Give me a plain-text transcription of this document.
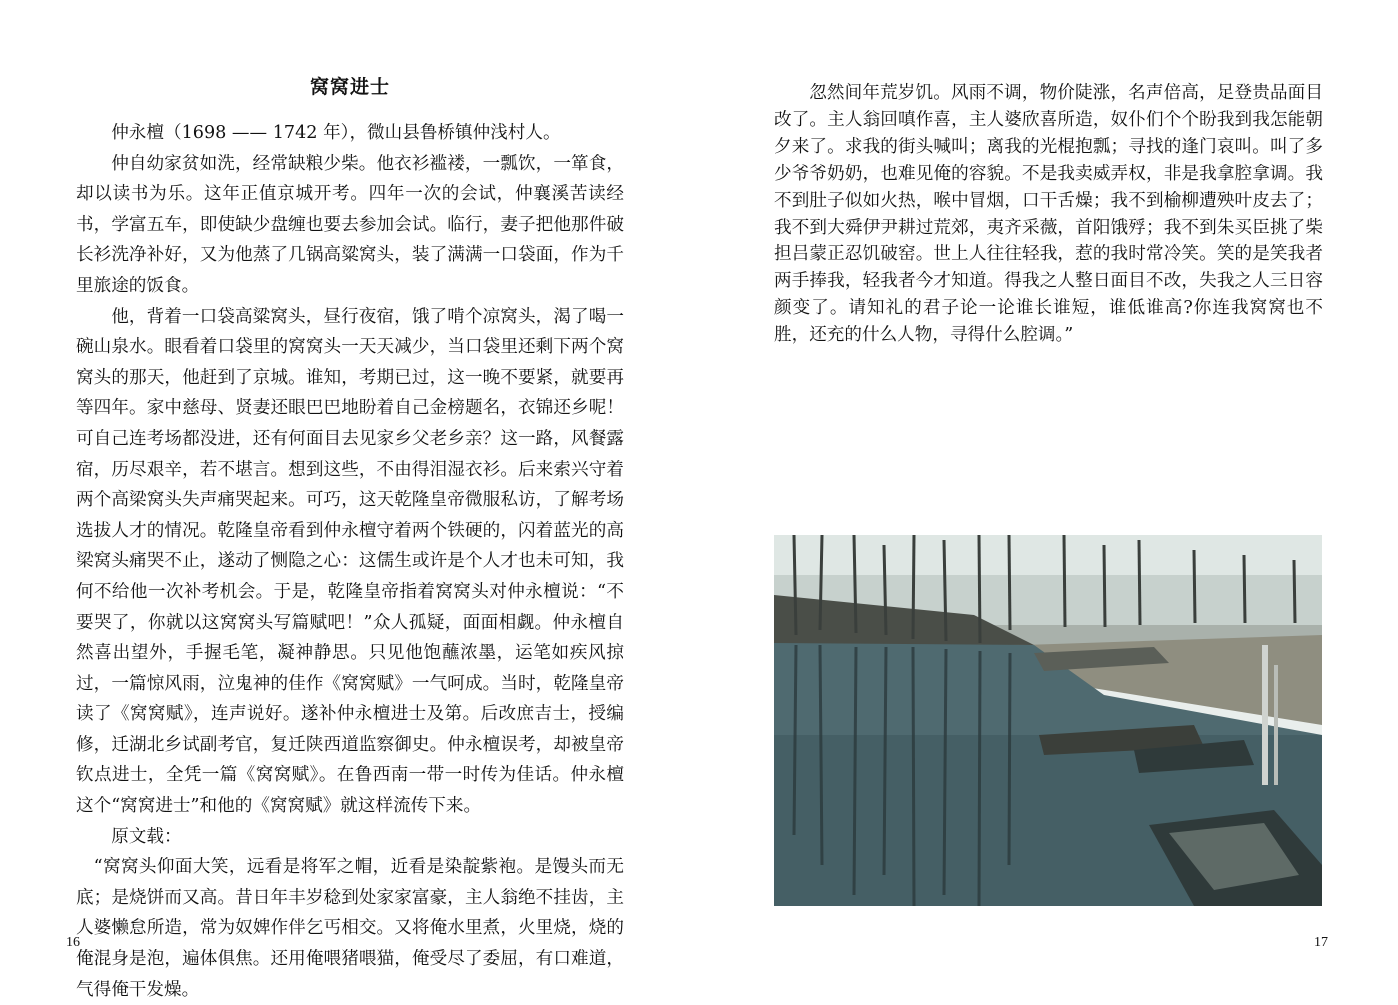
窝窝进士

仲永檀（1698 —— 1742 年），微山县鲁桥镇仲浅村人。

仲自幼家贫如洗，经常缺粮少柴。他衣衫褴褛，一瓢饮，一箪食，却以读书为乐。这年正值京城开考。四年一次的会试，仲襄溪苦读经书，学富五车，即使缺少盘缠也要去参加会试。临行，妻子把他那件破长衫洗净补好，又为他蒸了几锅高粱窝头，装了满满一口袋面，作为千里旅途的饭食。

他，背着一口袋高粱窝头，昼行夜宿，饿了啃个凉窝头，渴了喝一碗山泉水。眼看着口袋里的窝窝头一天天减少，当口袋里还剩下两个窝窝头的那天，他赶到了京城。谁知，考期已过，这一晚不要紧，就要再等四年。家中慈母、贤妻还眼巴巴地盼着自己金榜题名，衣锦还乡呢！可自己连考场都没进，还有何面目去见家乡父老乡亲？这一路，风餐露宿，历尽艰辛，若不堪言。想到这些，不由得泪湿衣衫。后来索兴守着两个高梁窝头失声痛哭起来。可巧，这天乾隆皇帝微服私访，了解考场选拔人才的情况。乾隆皇帝看到仲永檀守着两个铁硬的，闪着蓝光的高梁窝头痛哭不止，遂动了恻隐之心：这儒生或许是个人才也未可知，我何不给他一次补考机会。于是，乾隆皇帝指着窝窝头对仲永檀说：“不要哭了，你就以这窝窝头写篇赋吧！”众人孤疑，面面相觑。仲永檀自然喜出望外，手握毛笔，凝神静思。只见他饱蘸浓墨，运笔如疾风掠过，一篇惊风雨，泣鬼神的佳作《窝窝赋》一气呵成。当时，乾隆皇帝读了《窝窝赋》，连声说好。遂补仲永檀进士及第。后改庶吉士，授编修，迁湖北乡试副考官，复迁陕西道监察御史。仲永檀误考，却被皇帝钦点进士，全凭一篇《窝窝赋》。在鲁西南一带一时传为佳话。仲永檀这个“窝窝进士”和他的《窝窝赋》就这样流传下来。

原文载：

“窝窝头仰面大笑，远看是将军之帽，近看是染靛紫袍。是馒头而无底；是烧饼而又高。昔日年丰岁稔到处家家富豪，主人翁绝不挂齿，主人婆懒怠所造，常为奴婢作伴乞丐相交。又将俺水里煮，火里烧，烧的俺混身是泡，遍体俱焦。还用俺喂猪喂猫，俺受尽了委屈，有口难道，气得俺干发燥。

16

忽然间年荒岁饥。风雨不调，物价陡涨，名声倍高，足登贵品面目改了。主人翁回嗔作喜，主人婆欣喜所造，奴仆们个个盼我到我怎能朝夕来了。求我的街头喊叫；离我的光棍抱瓢；寻找的逢门哀叫。叫了多少爷爷奶奶，也难见俺的容貌。不是我卖威弄权，非是我拿腔拿调。我不到肚子似如火热，喉中冒烟，口干舌燥；我不到榆柳遭殃叶皮去了；我不到大舜伊尹耕过荒郊，夷齐采薇，首阳饿殍；我不到朱买臣挑了柴担吕蒙正忍饥破窑。世上人往往轻我，惹的我时常冷笑。笑的是笑我者两手捧我，轻我者今才知道。得我之人整日面目不改，失我之人三日容颜变了。请知礼的君子论一论谁长谁短，谁低谁高?你连我窝窝也不胜，还充的什么人物，寻得什么腔调。”

17
